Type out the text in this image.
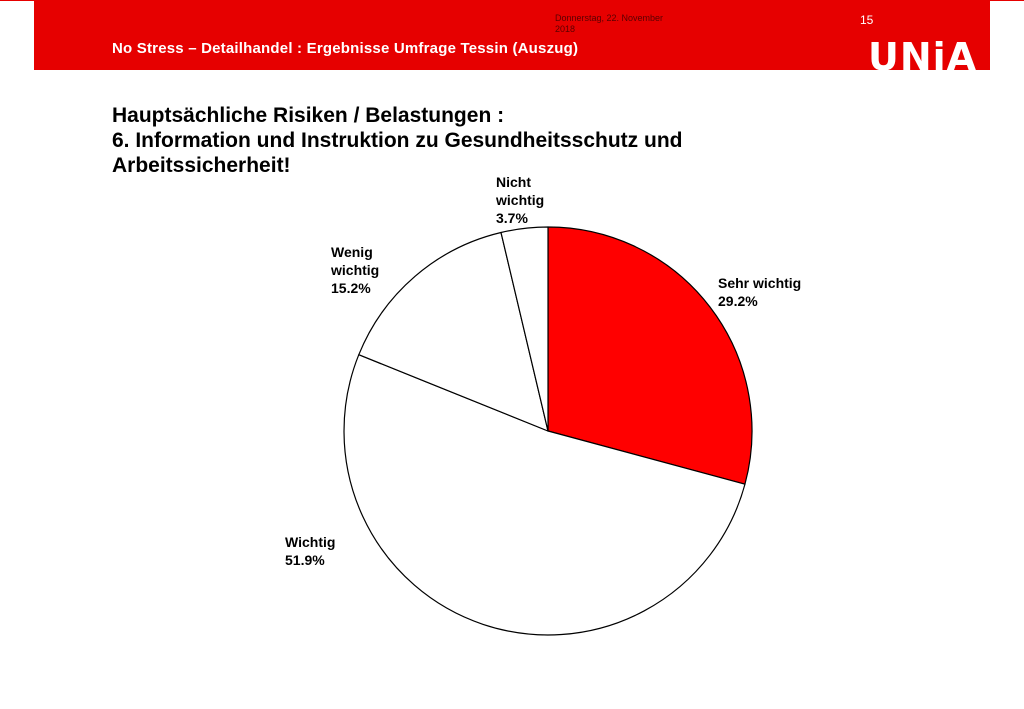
Donnerstag, 22. November 2018
15
No Stress – Detailhandel : Ergebnisse Umfrage Tessin (Auszug)	UNiA
Hauptsächliche Risiken / Belastungen :
6. Information und Instruktion zu Gesundheitsschutz und
Arbeitssicherheit!
Sehr wichtig
29.2%
Wichtig
51.9%
Wenig
wichtig
15.2%
Nicht
wichtig
3.7%
